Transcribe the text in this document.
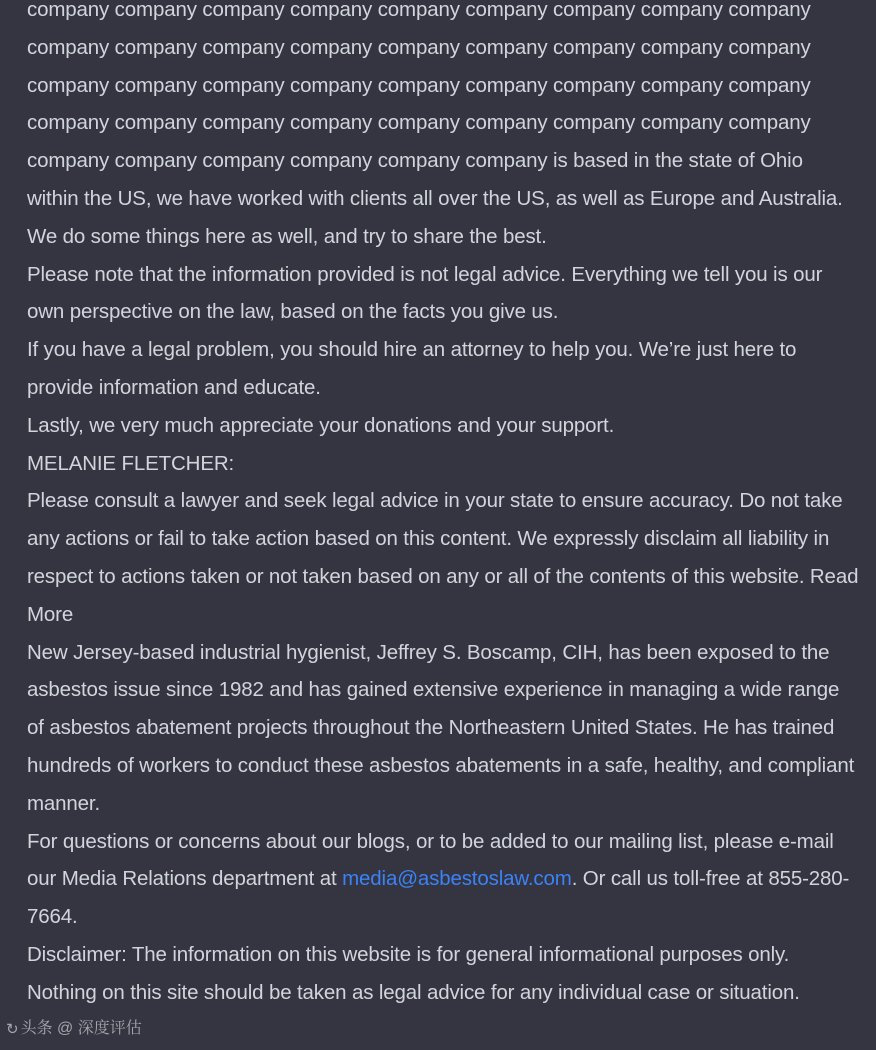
company company company company company company company company company company company company company company company company company company company company company company company company company company company company company company company company company company company company company company company company company company is based in the state of Ohio within the US, we have worked with clients all over the US, as well as Europe and Australia. We do some things here as well, and try to share the best.

Please note that the information provided is not legal advice. Everything we tell you is our own perspective on the law, based on the facts you give us.

If you have a legal problem, you should hire an attorney to help you. We’re just here to provide information and educate.

Lastly, we very much appreciate your donations and your support.

MELANIE FLETCHER:

Please consult a lawyer and seek legal advice in your state to ensure accuracy. Do not take any actions or fail to take action based on this content. We expressly disclaim all liability in respect to actions taken or not taken based on any or all of the contents of this website. Read More

New Jersey-based industrial hygienist, Jeffrey S. Boscamp, CIH, has been exposed to the asbestos issue since 1982 and has gained extensive experience in managing a wide range of asbestos abatement projects throughout the Northeastern United States. He has trained hundreds of workers to conduct these asbestos abatements in a safe, healthy, and compliant manner.

For questions or concerns about our blogs, or to be added to our mailing list, please e-mail our Media Relations department at media@asbestoslaw.com. Or call us toll-free at 855-280-7664.

Disclaimer: The information on this website is for general informational purposes only. Nothing on this site should be taken as legal advice for any individual case or situation.

↻ 头条 @ 深度评估
